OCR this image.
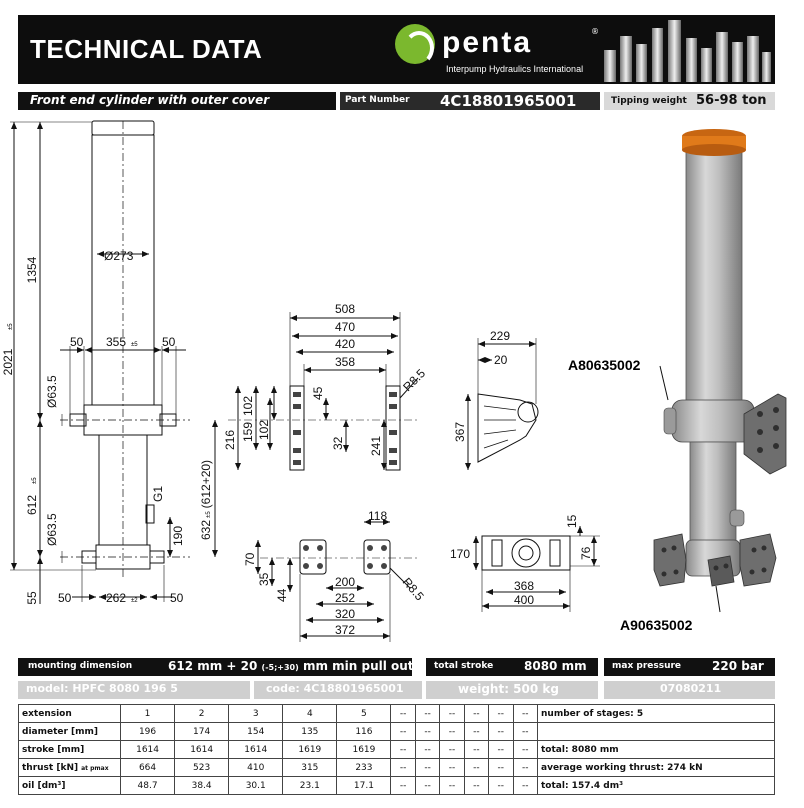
TECHNICAL DATA	penta	®
Interpump Hydraulics International
Front end cylinder with outer cover	Part Number 4C18801965001	Tipping weight 56-98 ton
2021
±5
1354
Ø63.5
612
±5
Ø63.5
55
Ø273
50 355 ±5 50
G1
190 632±5(612+20)
50	262 ±2	50
508
470
420
358
R8.5
216 159
102
102
45
32 241
229
20
367
118
70
35
44
200
252
320
372
R8.5
15
76
170
368
400
A80635002
A90635002
mounting dimension	612 mm + 20 (-5;+30) mm min pull out total stroke	8080 mm	max pressure	220 bar
model: HPFC 8080 196 5	code: 4C18801965001	weight: 500 kg	07080211
extension	1	2	3	4	5	--	--	--	--	--	--	number of stages: 5
diameter [mm]	196	174	154	135	116	--	--	--	--	--	--	
stroke [mm]	1614	1614	1614	1619	1619	--	--	--	--	--	--	total: 8080 mm
thrust [kN] at pmax	664	523	410	315	233	--	--	--	--	--	--	average working thrust: 274 kN
oil [dm³]	48.7	38.4	30.1	23.1	17.1	--	--	--	--	--	--	total: 157.4 dm³
